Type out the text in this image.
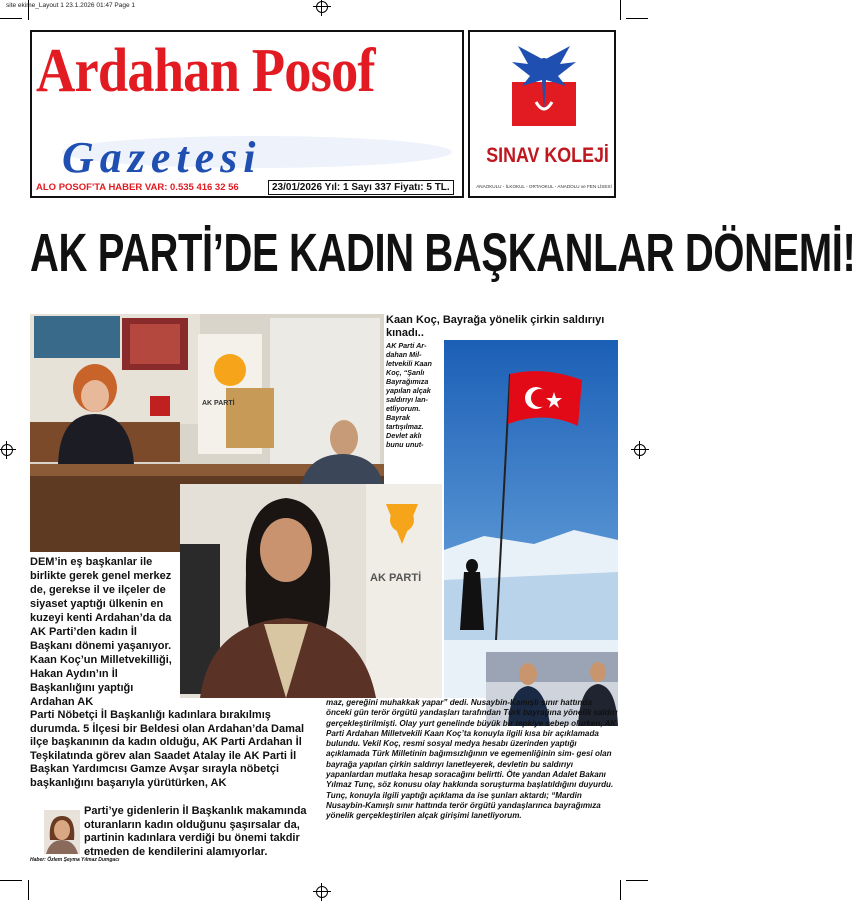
site ekime_Layout 1 23.1.2026 01:47 Page 1
Ardahan Posof
Gazetesi
ALO POSOF'TA HABER VAR: 0.535 416 32 56	23/01/2026 Yıl: 1 Sayı 337 Fiyatı: 5 TL.
SINAV KOLEJİ
ANAOKULU - İLKOKUL - ORTAOKUL - ANADOLU ve FEN LİSESİ
AK PARTİ’DE KADIN BAŞKANLAR DÖNEMİ!
AK PARTİ
AK PARTİ
Kaan Koç, Bayrağa yönelik çirkin saldırıyı kınadı..
AK Parti Ar- dahan Mil- letvekili Kaan Koç, “Şanlı Bayrağımıza yapılan alçak saldırıyı lan- etliyorum. Bayrak tartışılmaz. Devlet aklı bunu unut-
DEM’in eş başkanlar ile birlikte gerek genel merkez de, gerekse il ve ilçeler de siyaset yaptığı ülkenin en kuzeyi kenti Ardahan’da da AK Parti’den kadın İl Başkanı dönemi yaşanıyor. Kaan Koç’un Milletvekilliği, Hakan Aydın’ın İl Başkanlığını yaptığı Ardahan AK
Parti Nöbetçi İl Başkanlığı kadınlara bırakılmış durumda. 5 İlçesi bir Beldesi olan Ardahan’da Damal ilçe başkanının da kadın olduğu, AK Parti Ardahan İl Teşkilatında görev alan Saadet Atalay ile AK Parti İl Başkan Yardımcısı Gamze Avşar sırayla nöbetçi başkanlığını başarıyla yürütürken, AK
Parti’ye gidenlerin İl Başkanlık makamında oturanların kadın olduğunu şaşırsalar da, partinin kadınlara verdiği bu önemi takdir etmeden de kendilerini alamıyorlar.
Haber: Özlem Şeyma Yılmaz Dumgacı
maz, gereğini muhakkak yapar” dedi. Nusaybin-Kamışlı sınır hattında önceki gün terör örgütü yandaşları tarafından Türk bayrağına yönelik saldırı gerçekleştirilmişti. Olay yurt genelinde büyük bir tepkiye sebep olurken, AK Parti Ardahan Milletvekili Kaan Koç’ta konuyla ilgili kısa bir açıklamada bulundu. Vekil Koç, resmi sosyal medya hesabı üzerinden yaptığı açıklamada Türk Milletinin bağımsızlığının ve egemenliğinin sim- gesi olan bayrağa yapılan çirkin saldırıyı lanetleyerek, devletin bu saldırıyı yapanlardan mutlaka hesap soracağını belirtti. Öte yandan Adalet Bakanı Yılmaz Tunç, söz konusu olay hakkında soruşturma başlatıldığını duyurdu. Tunç, konuyla ilgili yaptığı açıklama da ise şunları aktardı; “Mardin Nusaybin-Kamışlı sınır hattında terör örgütü yandaşlarınca bayrağımıza yönelik gerçekleştirilen alçak girişimi lanetliyorum.
